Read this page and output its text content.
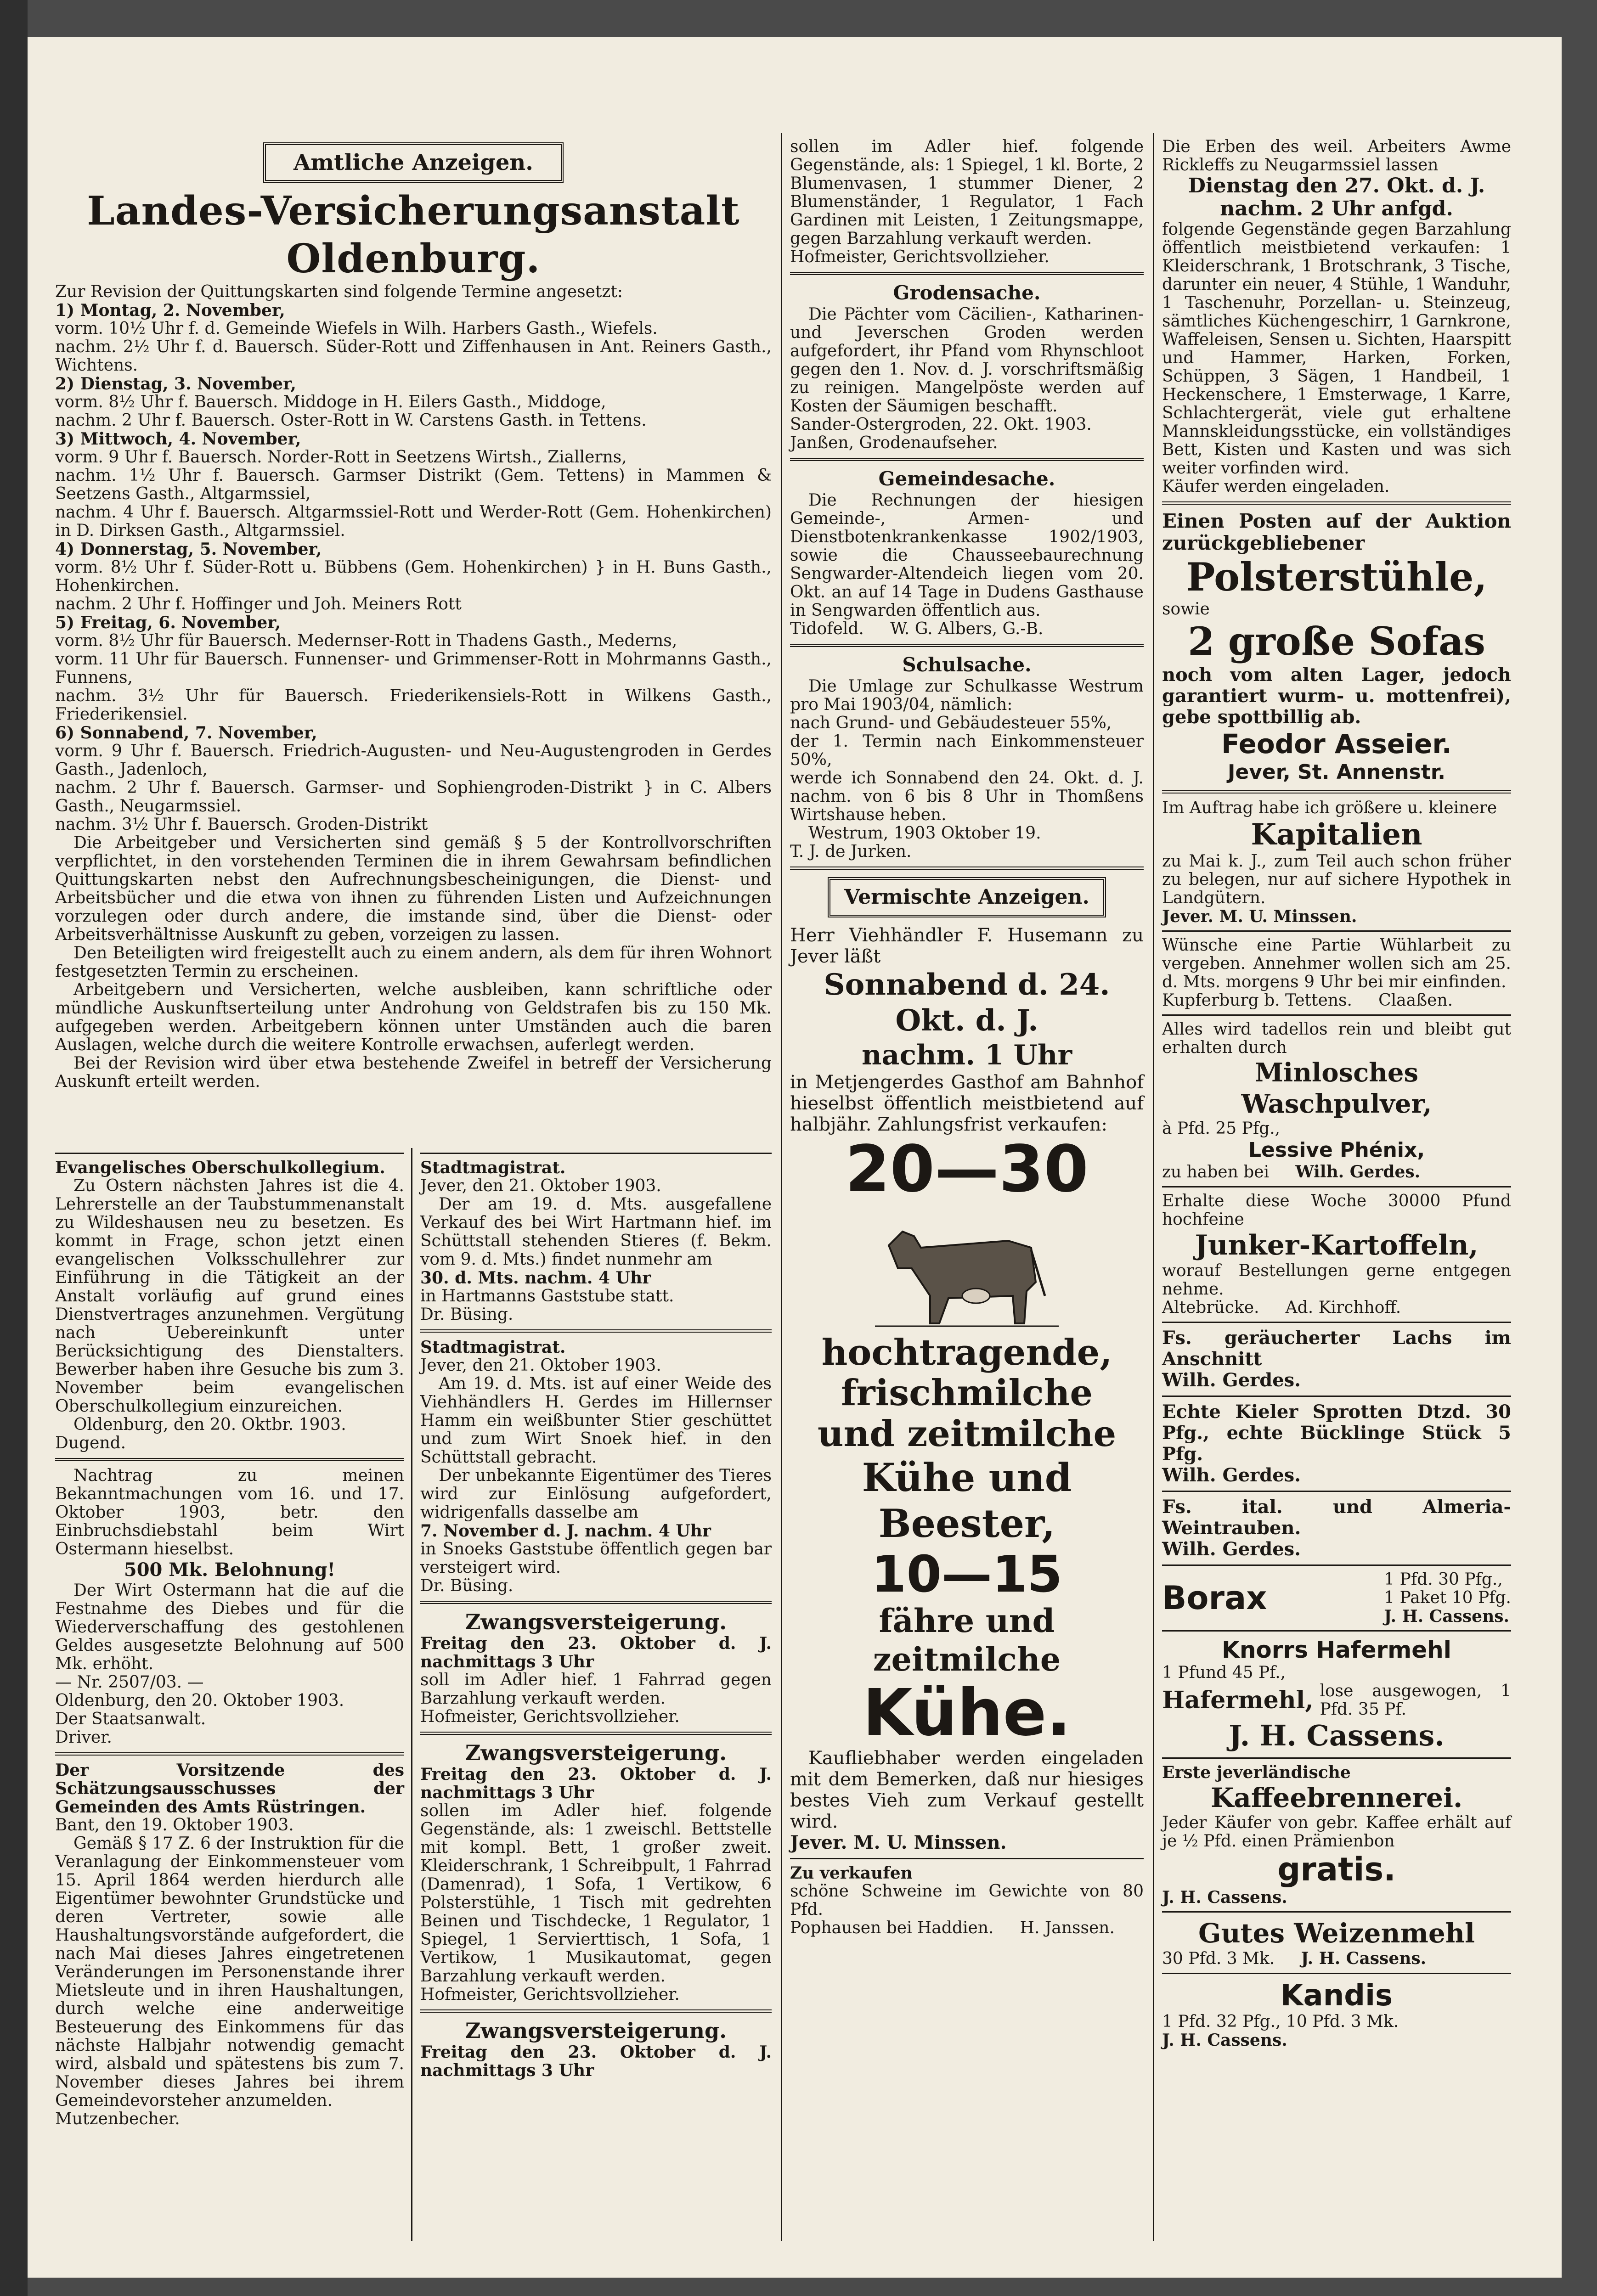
Amtliche Anzeigen.

Landes-Versicherungsanstalt Oldenburg.

Zur Revision der Quittungskarten sind folgende Termine angesetzt:

1) Montag, 2. November,

vorm. 10½ Uhr f. d. Gemeinde Wiefels in Wilh. Harbers Gasth., Wiefels.

nachm. 2½ Uhr f. d. Bauersch. Süder-Rott und Ziffenhausen in Ant. Reiners Gasth., Wichtens.

2) Dienstag, 3. November,

vorm. 8½ Uhr f. Bauersch. Middoge in H. Eilers Gasth., Middoge,

nachm. 2 Uhr f. Bauersch. Oster-Rott in W. Carstens Gasth. in Tettens.

3) Mittwoch, 4. November,

vorm. 9 Uhr f. Bauersch. Norder-Rott in Seetzens Wirtsh., Ziallerns,

nachm. 1½ Uhr f. Bauersch. Garmser Distrikt (Gem. Tettens) in Mammen & Seetzens Gasth., Altgarmssiel,

nachm. 4 Uhr f. Bauersch. Altgarmssiel-Rott und Werder-Rott (Gem. Hohenkirchen) in D. Dirksen Gasth., Altgarmssiel.

4) Donnerstag, 5. November,

vorm. 8½ Uhr f. Süder-Rott u. Bübbens (Gem. Hohenkirchen) } in H. Buns Gasth., Hohenkirchen.

nachm. 2 Uhr f. Hoffinger und Joh. Meiners Rott

5) Freitag, 6. November,

vorm. 8½ Uhr für Bauersch. Medernser-Rott in Thadens Gasth., Mederns,

vorm. 11 Uhr für Bauersch. Funnenser- und Grimmenser-Rott in Mohrmanns Gasth., Funnens,

nachm. 3½ Uhr für Bauersch. Friederikensiels-Rott in Wilkens Gasth., Friederikensiel.

6) Sonnabend, 7. November,

vorm. 9 Uhr f. Bauersch. Friedrich-Augusten- und Neu-Augustengroden in Gerdes Gasth., Jadenloch,

nachm. 2 Uhr f. Bauersch. Garmser- und Sophiengroden-Distrikt } in C. Albers Gasth., Neugarmssiel.

nachm. 3½ Uhr f. Bauersch. Groden-Distrikt

Die Arbeitgeber und Versicherten sind gemäß § 5 der Kontrollvorschriften verpflichtet, in den vorstehenden Terminen die in ihrem Gewahrsam befindlichen Quittungskarten nebst den Aufrechnungsbescheinigungen, die Dienst- und Arbeitsbücher und die etwa von ihnen zu führenden Listen und Aufzeichnungen vorzulegen oder durch andere, die imstande sind, über die Dienst- oder Arbeitsverhältnisse Auskunft zu geben, vorzeigen zu lassen.

Den Beteiligten wird freigestellt auch zu einem andern, als dem für ihren Wohnort festgesetzten Termin zu erscheinen.

Arbeitgebern und Versicherten, welche ausbleiben, kann schriftliche oder mündliche Auskunftserteilung unter Androhung von Geldstrafen bis zu 150 Mk. aufgegeben werden. Arbeitgebern können unter Umständen auch die baren Auslagen, welche durch die weitere Kontrolle erwachsen, auferlegt werden.

Bei der Revision wird über etwa bestehende Zweifel in betreff der Versicherung Auskunft erteilt werden.

Evangelisches Oberschulkollegium.

Zu Ostern nächsten Jahres ist die 4. Lehrerstelle an der Taubstummenanstalt zu Wildeshausen neu zu besetzen. Es kommt in Frage, schon jetzt einen evangelischen Volksschullehrer zur Einführung in die Tätigkeit an der Anstalt vorläufig auf grund eines Dienstvertrages anzunehmen. Vergütung nach Uebereinkunft unter Berücksichtigung des Dienstalters. Bewerber haben ihre Gesuche bis zum 3. November beim evangelischen Oberschulkollegium einzureichen.

Oldenburg, den 20. Oktbr. 1903.

Dugend.

Nachtrag zu meinen Bekanntmachungen vom 16. und 17. Oktober 1903, betr. den Einbruchsdiebstahl beim Wirt Ostermann hieselbst.

500 Mk. Belohnung!

Der Wirt Ostermann hat die auf die Festnahme des Diebes und für die Wiederverschaffung des gestohlenen Geldes ausgesetzte Belohnung auf 500 Mk. erhöht.

— Nr. 2507/03. —

Oldenburg, den 20. Oktober 1903.

Der Staatsanwalt.

Driver.

Der Vorsitzende des Schätzungsausschusses der Gemeinden des Amts Rüstringen.

Bant, den 19. Oktober 1903.

Gemäß § 17 Z. 6 der Instruktion für die Veranlagung der Einkommensteuer vom 15. April 1864 werden hierdurch alle Eigentümer bewohnter Grundstücke und deren Vertreter, sowie alle Haushaltungsvorstände aufgefordert, die nach Mai dieses Jahres eingetretenen Veränderungen im Personenstande ihrer Mietsleute und in ihren Haushaltungen, durch welche eine anderweitige Besteuerung des Einkommens für das nächste Halbjahr notwendig gemacht wird, alsbald und spätestens bis zum 7. November dieses Jahres bei ihrem Gemeindevorsteher anzumelden.

Mutzenbecher.

Stadtmagistrat.

Jever, den 21. Oktober 1903.

Der am 19. d. Mts. ausgefallene Verkauf des bei Wirt Hartmann hief. im Schüttstall stehenden Stieres (f. Bekm. vom 9. d. Mts.) findet nunmehr am

30. d. Mts. nachm. 4 Uhr

in Hartmanns Gaststube statt.

Dr. Büsing.

Stadtmagistrat.

Jever, den 21. Oktober 1903.

Am 19. d. Mts. ist auf einer Weide des Viehhändlers H. Gerdes im Hillernser Hamm ein weißbunter Stier geschüttet und zum Wirt Snoek hief. in den Schüttstall gebracht.

Der unbekannte Eigentümer des Tieres wird zur Einlösung aufgefordert, widrigenfalls dasselbe am

7. November d. J. nachm. 4 Uhr

in Snoeks Gaststube öffentlich gegen bar versteigert wird.

Dr. Büsing.

Zwangsversteigerung.

Freitag den 23. Oktober d. J. nachmittags 3 Uhr

soll im Adler hief. 1 Fahrrad gegen Barzahlung verkauft werden.

Hofmeister, Gerichtsvollzieher.

Zwangsversteigerung.

Freitag den 23. Oktober d. J. nachmittags 3 Uhr

sollen im Adler hief. folgende Gegenstände, als: 1 zweischl. Bettstelle mit kompl. Bett, 1 großer zweit. Kleiderschrank, 1 Schreibpult, 1 Fahrrad (Damenrad), 1 Sofa, 1 Vertikow, 6 Polsterstühle, 1 Tisch mit gedrehten Beinen und Tischdecke, 1 Regulator, 1 Spiegel, 1 Servierttisch, 1 Sofa, 1 Vertikow, 1 Musikautomat, gegen Barzahlung verkauft werden.

Hofmeister, Gerichtsvollzieher.

Zwangsversteigerung.

Freitag den 23. Oktober d. J. nachmittags 3 Uhr

sollen im Adler hief. folgende Gegenstände, als: 1 Spiegel, 1 kl. Borte, 2 Blumenvasen, 1 stummer Diener, 2 Blumenständer, 1 Regulator, 1 Fach Gardinen mit Leisten, 1 Zeitungsmappe, gegen Barzahlung verkauft werden.

Hofmeister, Gerichtsvollzieher.

Grodensache.

Die Pächter vom Cäcilien-, Katharinen- und Jeverschen Groden werden aufgefordert, ihr Pfand vom Rhynschloot gegen den 1. Nov. d. J. vorschriftsmäßig zu reinigen. Mangelpöste werden auf Kosten der Säumigen beschafft.

Sander-Ostergroden, 22. Okt. 1903.

Janßen, Grodenaufseher.

Gemeindesache.

Die Rechnungen der hiesigen Gemeinde-, Armen- und Dienstbotenkrankenkasse 1902/1903, sowie die Chausseebaurechnung Sengwarder-Altendeich liegen vom 20. Okt. an auf 14 Tage in Dudens Gasthause in Sengwarden öffentlich aus.

Tidofeld. W. G. Albers, G.-B.

Schulsache.

Die Umlage zur Schulkasse Westrum pro Mai 1903/04, nämlich:

nach Grund- und Gebäudesteuer 55%,

der 1. Termin nach Einkommensteuer 50%,

werde ich Sonnabend den 24. Okt. d. J. nachm. von 6 bis 8 Uhr in Thomßens Wirtshause heben.

Westrum, 1903 Oktober 19.

T. J. de Jurken.

Vermischte Anzeigen.

Herr Viehhändler F. Husemann zu Jever läßt

Sonnabend d. 24. Okt. d. J.

nachm. 1 Uhr

in Metjengerdes Gasthof am Bahnhof hieselbst öffentlich meistbietend auf halbjähr. Zahlungsfrist verkaufen:

20—30

hochtragende, frischmilche

und zeitmilche

Kühe und Beester,

10—15

fähre und zeitmilche

Kühe.

Kaufliebhaber werden eingeladen mit dem Bemerken, daß nur hiesiges bestes Vieh zum Verkauf gestellt wird.

Jever. M. U. Minssen.

Zu verkaufen

schöne Schweine im Gewichte von 80 Pfd.

Pophausen bei Haddien. H. Janssen.

Die Erben des weil. Arbeiters Awme Rickleffs zu Neugarmssiel lassen

Dienstag den 27. Okt. d. J. nachm. 2 Uhr anfgd.

folgende Gegenstände gegen Barzahlung öffentlich meistbietend verkaufen: 1 Kleiderschrank, 1 Brotschrank, 3 Tische, darunter ein neuer, 4 Stühle, 1 Wanduhr, 1 Taschenuhr, Porzellan- u. Steinzeug, sämtliches Küchengeschirr, 1 Garnkrone, Waffeleisen, Sensen u. Sichten, Haarspitt und Hammer, Harken, Forken, Schüppen, 3 Sägen, 1 Handbeil, 1 Heckenschere, 1 Emsterwage, 1 Karre, Schlachtergerät, viele gut erhaltene Mannskleidungsstücke, ein vollständiges Bett, Kisten und Kasten und was sich weiter vorfinden wird.

Käufer werden eingeladen.

Einen Posten auf der Auktion zurückgebliebener

Polsterstühle,

sowie

2 große Sofas

noch vom alten Lager, jedoch garantiert wurm- u. mottenfrei), gebe spottbillig ab.

Feodor Asseier.

Jever, St. Annenstr.

Im Auftrag habe ich größere u. kleinere

Kapitalien

zu Mai k. J., zum Teil auch schon früher zu belegen, nur auf sichere Hypothek in Landgütern.

Jever. M. U. Minssen.

Wünsche eine Partie Wühlarbeit zu vergeben. Annehmer wollen sich am 25. d. Mts. morgens 9 Uhr bei mir einfinden.

Kupferburg b. Tettens. Claaßen.

Alles wird tadellos rein und bleibt gut erhalten durch

Minlosches Waschpulver,

à Pfd. 25 Pfg.,

Lessive Phénix,

zu haben bei Wilh. Gerdes.

Erhalte diese Woche 30000 Pfund hochfeine

Junker-Kartoffeln,

worauf Bestellungen gerne entgegen nehme.

Altebrücke. Ad. Kirchhoff.

Fs. geräucherter Lachs im Anschnitt

Wilh. Gerdes.

Echte Kieler Sprotten Dtzd. 30 Pfg., echte Bücklinge Stück 5 Pfg.

Wilh. Gerdes.

Fs. ital. und Almeria-Weintrauben.

Wilh. Gerdes.

Borax	1 Pfd. 30 Pfg.,
1 Paket 10 Pfg.
J. H. Cassens.

Knorrs Hafermehl

1 Pfund 45 Pf.,

Hafermehl, lose ausgewogen, 1 Pfd. 35 Pf.

J. H. Cassens.

Erste jeverländische

Kaffeebrennerei.

Jeder Käufer von gebr. Kaffee erhält auf je ½ Pfd. einen Prämienbon

gratis.

J. H. Cassens.

Gutes Weizenmehl

30 Pfd. 3 Mk. J. H. Cassens.

Kandis

1 Pfd. 32 Pfg., 10 Pfd. 3 Mk.

J. H. Cassens.
